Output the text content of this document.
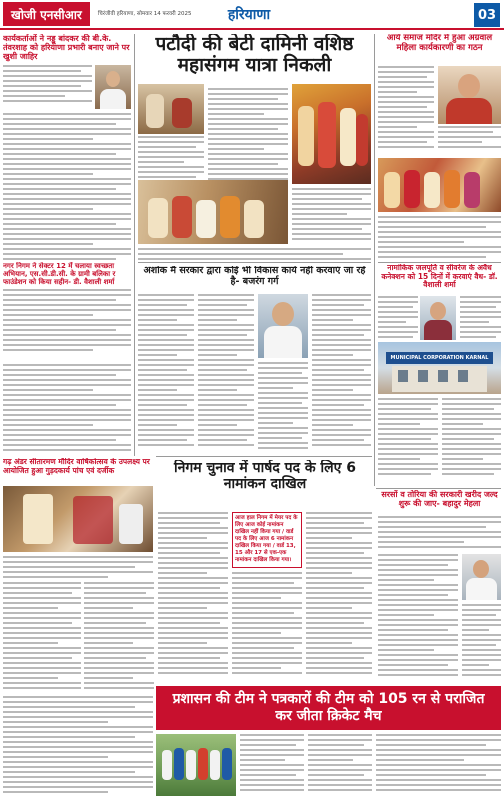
खोजी एनसीआर	चिरंजीवी हरियाणा, सोमवार 14 फरवरी 2025	हरियाणा	03
कार्यकर्ताओं ने नड्डू बांदकर की बी.के. तंवरशाह को हरियाणा प्रभारी बनाए जाने पर खुशी जाहिर
नगर निगम ने सेक्टर 12 में चलाया स्वच्छता अभियान, एस.सी.डी.सी. के ग्रामी बलिका र फाउंडेशन को किया सहीन- डी. वैशाली शर्मा
गढ़ अंडर सीतारमण मौदिर वार्षिकोत्सव के उपलक्ष्य पर आयोजित हुआ गुड़दकार्य पांच एवं दर्जीक
पटौदी की बेटी दामिनी वशिष्ठ महासंगम यात्रा निकली
अशोक मैं सरकार द्वारा कोई भी विकास कार्य नहीं करवाएं जा रहे है- बजरंग गर्ग
आर्य समाज मदिर में हुआ अग्रवाल महिला कार्यकारणी का गठन
नामांकिक जलपूर्ति व सीवरेज के अवैध कनेक्शन को 15 दिनों में करवाएं वैध- डॉ. वैशाली शर्मा
MUNICIPAL CORPORATION KARNAL
निगम चुनाव में पार्षद पद के लिए 6 नामांकन दाखिल
आज हाल निगम में मेयर पद के लिए आज कोई नामांकन दाखिल नहीं किया गया / वार्ड पद के लिए आज 6 नामांकन दाखिल किया गया / वार्ड 13, 15 और 17 से एक-एक नामांकन दाखिल किया गया।
सरसों व तोरिया की सरकारी खरीद जल्द शुरू की जाए- बहादुर मेहला
प्रशासन की टीम ने पत्रकारों की टीम को 105 रन से पराजित कर जीता क्रिकेट मैच
